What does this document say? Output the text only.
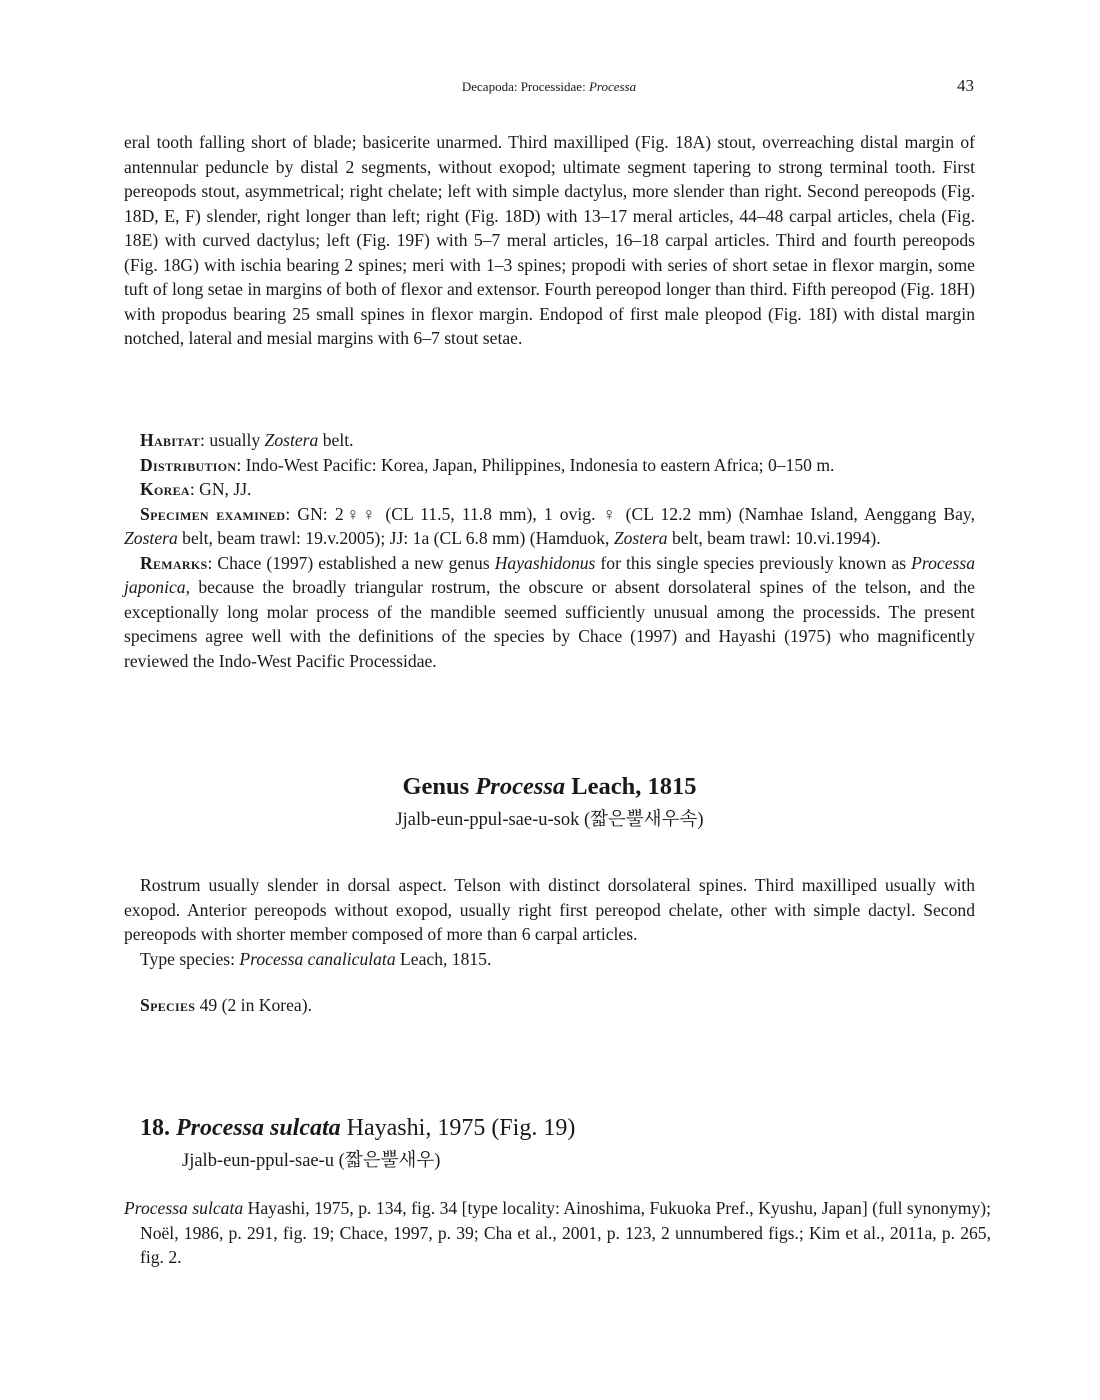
Decapoda: Processidae: Processa	43
eral tooth falling short of blade; basicerite unarmed. Third maxilliped (Fig. 18A) stout, overreaching distal margin of antennular peduncle by distal 2 segments, without exopod; ultimate segment tapering to strong terminal tooth. First pereopods stout, asymmetrical; right chelate; left with simple dactylus, more slender than right. Second pereopods (Fig. 18D, E, F) slender, right longer than left; right (Fig. 18D) with 13–17 meral articles, 44–48 carpal articles, chela (Fig. 18E) with curved dactylus; left (Fig. 19F) with 5–7 meral articles, 16–18 carpal articles. Third and fourth pereopods (Fig. 18G) with ischia bearing 2 spines; meri with 1–3 spines; propodi with series of short setae in flexor margin, some tuft of long setae in margins of both of flexor and extensor. Fourth pereopod longer than third. Fifth pereopod (Fig. 18H) with propodus bearing 25 small spines in flexor margin. Endopod of first male pleopod (Fig. 18I) with distal margin notched, lateral and mesial margins with 6–7 stout setae.
Habitat: usually Zostera belt.
Distribution: Indo-West Pacific: Korea, Japan, Philippines, Indonesia to eastern Africa; 0–150 m.
Korea: GN, JJ.
Specimen examined: GN: 2♀♀ (CL 11.5, 11.8 mm), 1 ovig. ♀ (CL 12.2 mm) (Namhae Island, Aenggang Bay, Zostera belt, beam trawl: 19.v.2005); JJ: 1a (CL 6.8 mm) (Hamduok, Zostera belt, beam trawl: 10.vi.1994).
Remarks: Chace (1997) established a new genus Hayashidonus for this single species previously known as Processa japonica, because the broadly triangular rostrum, the obscure or absent dorsolateral spines of the telson, and the exceptionally long molar process of the mandible seemed sufficiently unusual among the processids. The present specimens agree well with the definitions of the species by Chace (1997) and Hayashi (1975) who magnificently reviewed the Indo-West Pacific Processidae.
Genus Processa Leach, 1815
Jjalb-eun-ppul-sae-u-sok (짧은뿔새우속)
Rostrum usually slender in dorsal aspect. Telson with distinct dorsolateral spines. Third maxilliped usually with exopod. Anterior pereopods without exopod, usually right first pereopod chelate, other with simple dactyl. Second pereopods with shorter member composed of more than 6 carpal articles.
Type species: Processa canaliculata Leach, 1815.
Species 49 (2 in Korea).
18. Processa sulcata Hayashi, 1975 (Fig. 19)
Jjalb-eun-ppul-sae-u (짧은뿔새우)
Processa sulcata Hayashi, 1975, p. 134, fig. 34 [type locality: Ainoshima, Fukuoka Pref., Kyushu, Japan] (full synonymy); Noël, 1986, p. 291, fig. 19; Chace, 1997, p. 39; Cha et al., 2001, p. 123, 2 unnumbered figs.; Kim et al., 2011a, p. 265, fig. 2.
